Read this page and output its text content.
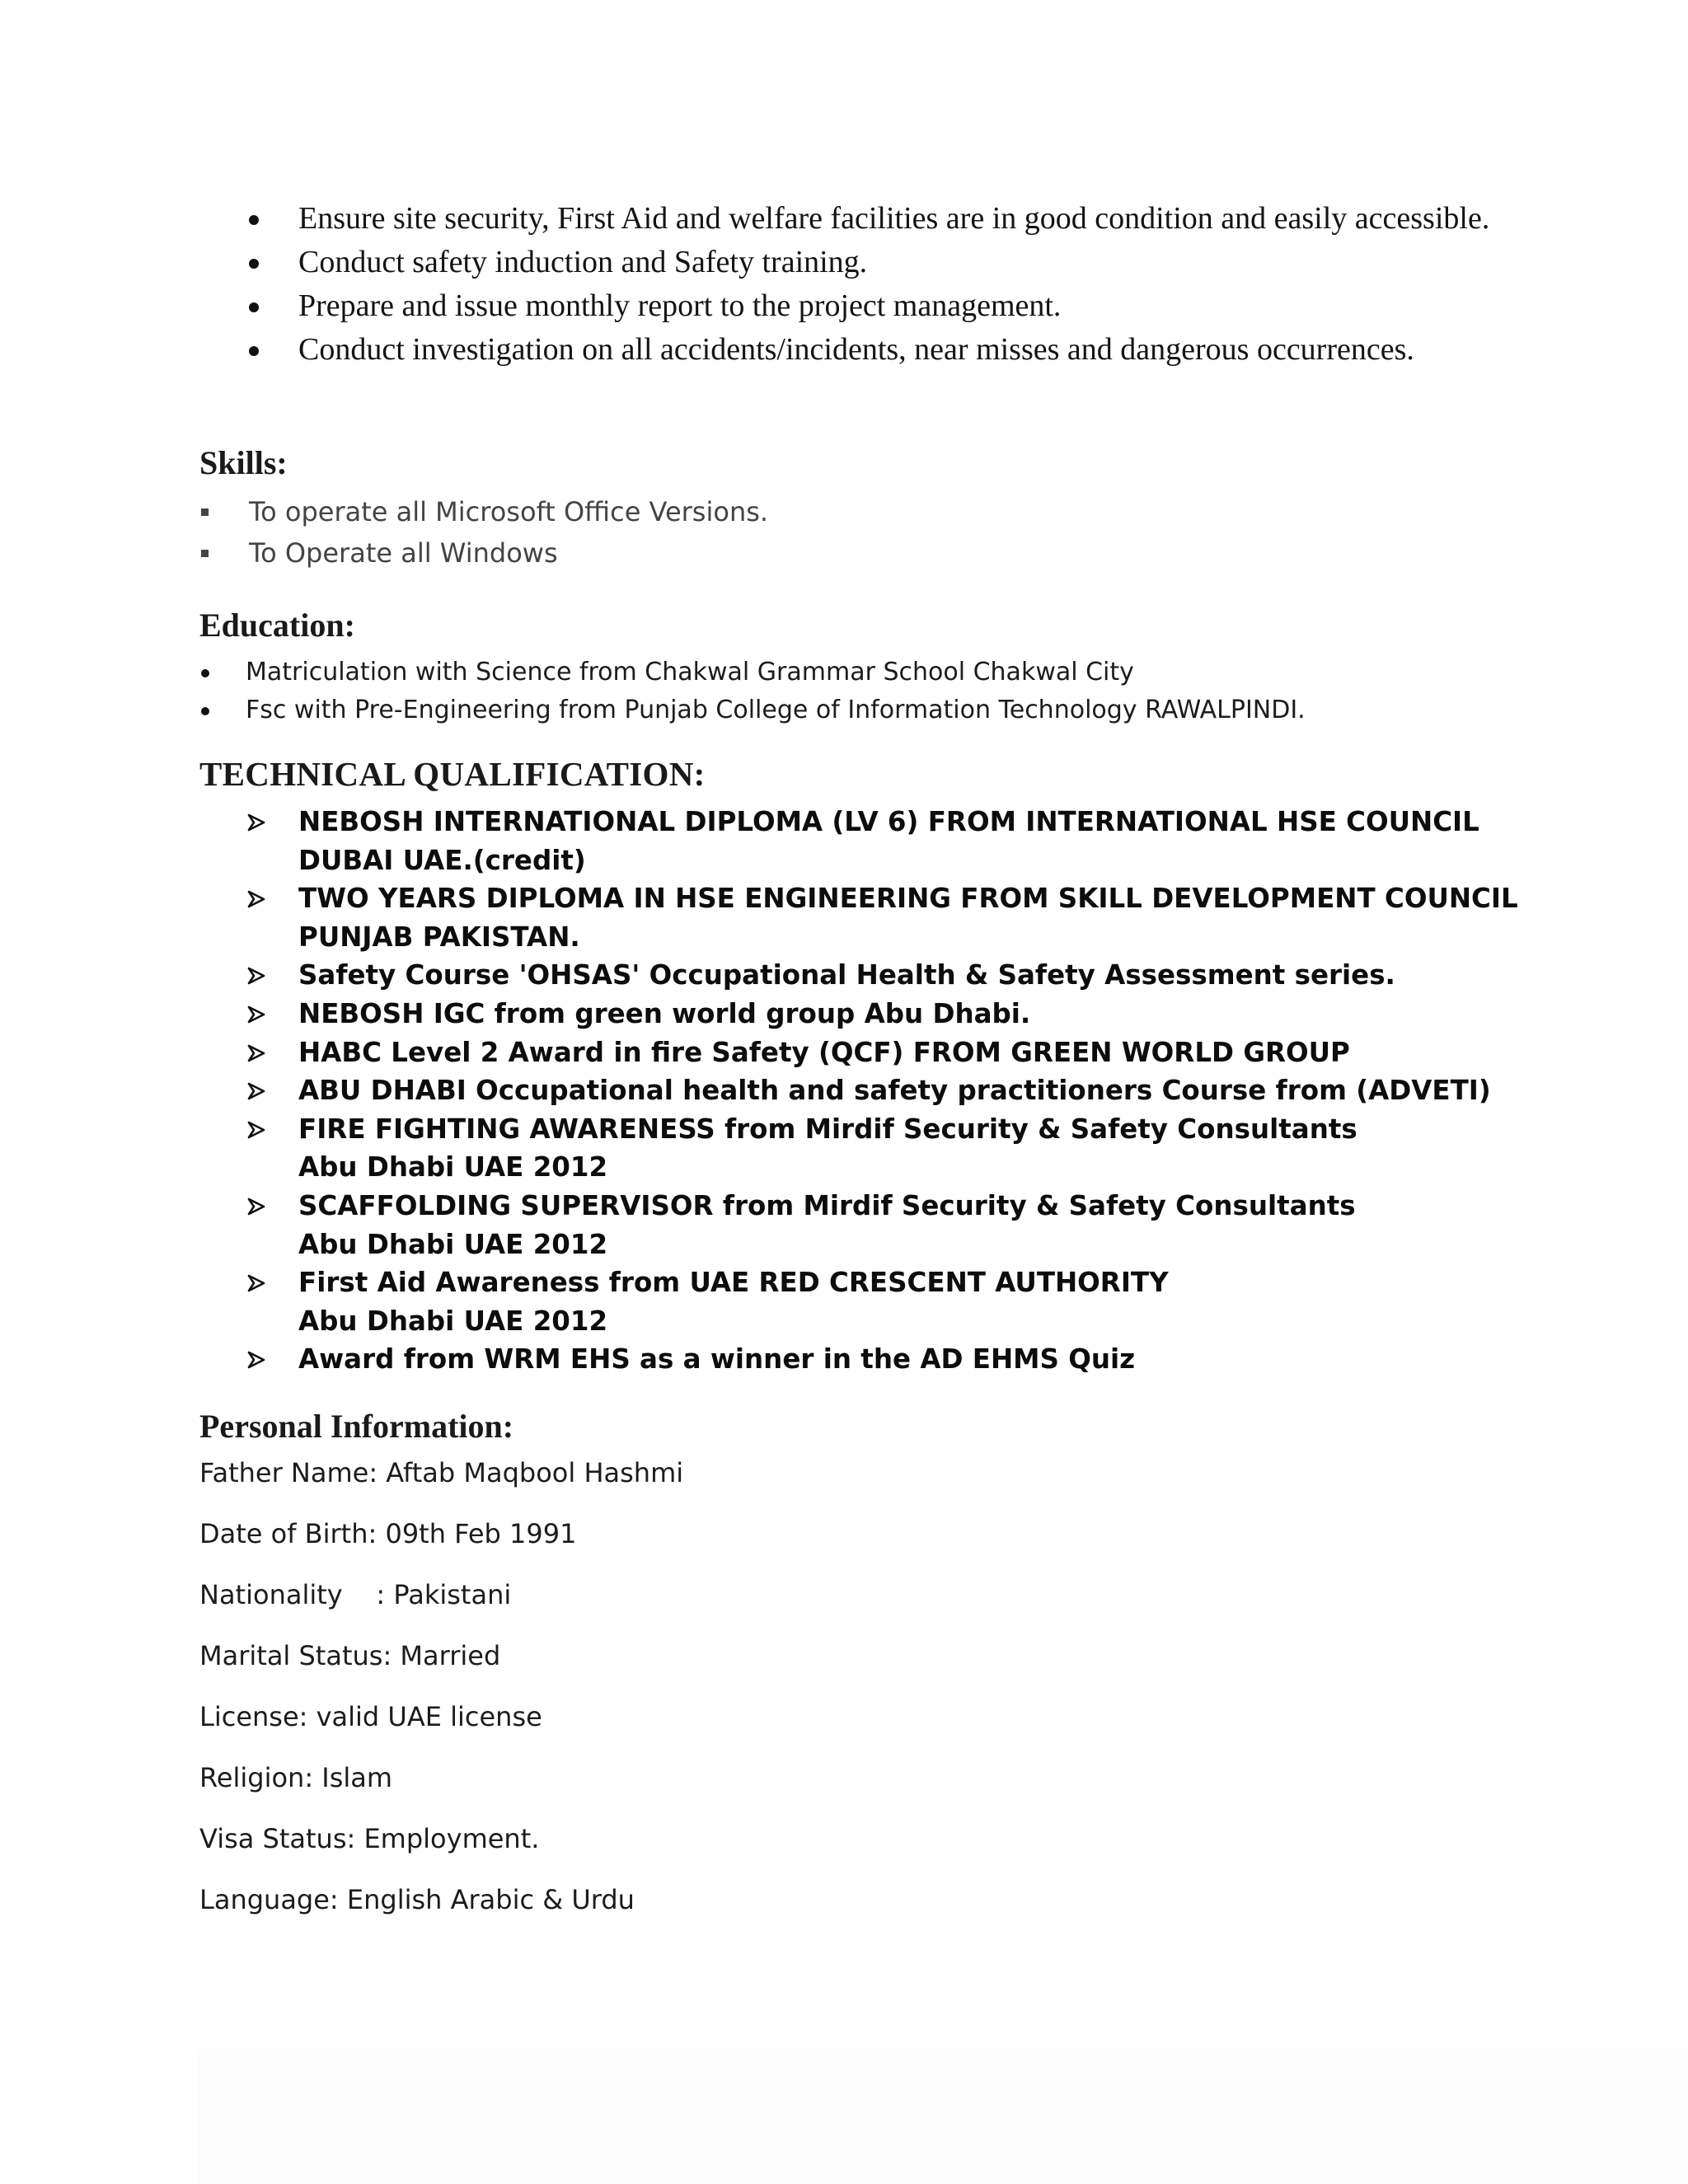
Ensure site security, First Aid and welfare facilities are in good condition and easily accessible.
Conduct safety induction and Safety training.
Prepare and issue monthly report to the project management.
Conduct investigation on all accidents/incidents, near misses and dangerous occurrences.
Skills:
To operate all Microsoft Office Versions.
To Operate all Windows
Education:
Matriculation with Science from Chakwal Grammar School Chakwal City
Fsc with Pre-Engineering from Punjab College of Information Technology RAWALPINDI.
TECHNICAL QUALIFICATION:
NEBOSH INTERNATIONAL DIPLOMA (LV 6) FROM INTERNATIONAL HSE COUNCIL
DUBAI UAE.(credit)
TWO YEARS DIPLOMA IN HSE ENGINEERING FROM SKILL DEVELOPMENT COUNCIL
PUNJAB PAKISTAN.
Safety Course 'OHSAS' Occupational Health & Safety Assessment series.
NEBOSH IGC from green world group Abu Dhabi.
HABC Level 2 Award in fire Safety (QCF) FROM GREEN WORLD GROUP
ABU DHABI Occupational health and safety practitioners Course from (ADVETI)
FIRE FIGHTING AWARENESS from Mirdif Security & Safety Consultants
Abu Dhabi UAE 2012
SCAFFOLDING SUPERVISOR from Mirdif Security & Safety Consultants
Abu Dhabi UAE 2012
First Aid Awareness from UAE RED CRESCENT AUTHORITY
Abu Dhabi UAE 2012
Award from WRM EHS as a winner in the AD EHMS Quiz
Personal Information:
Father Name: Aftab Maqbool Hashmi
Date of Birth: 09th Feb 1991
Nationality    : Pakistani
Marital Status: Married
License: valid UAE license
Religion: Islam
Visa Status: Employment.
Language: English Arabic & Urdu
